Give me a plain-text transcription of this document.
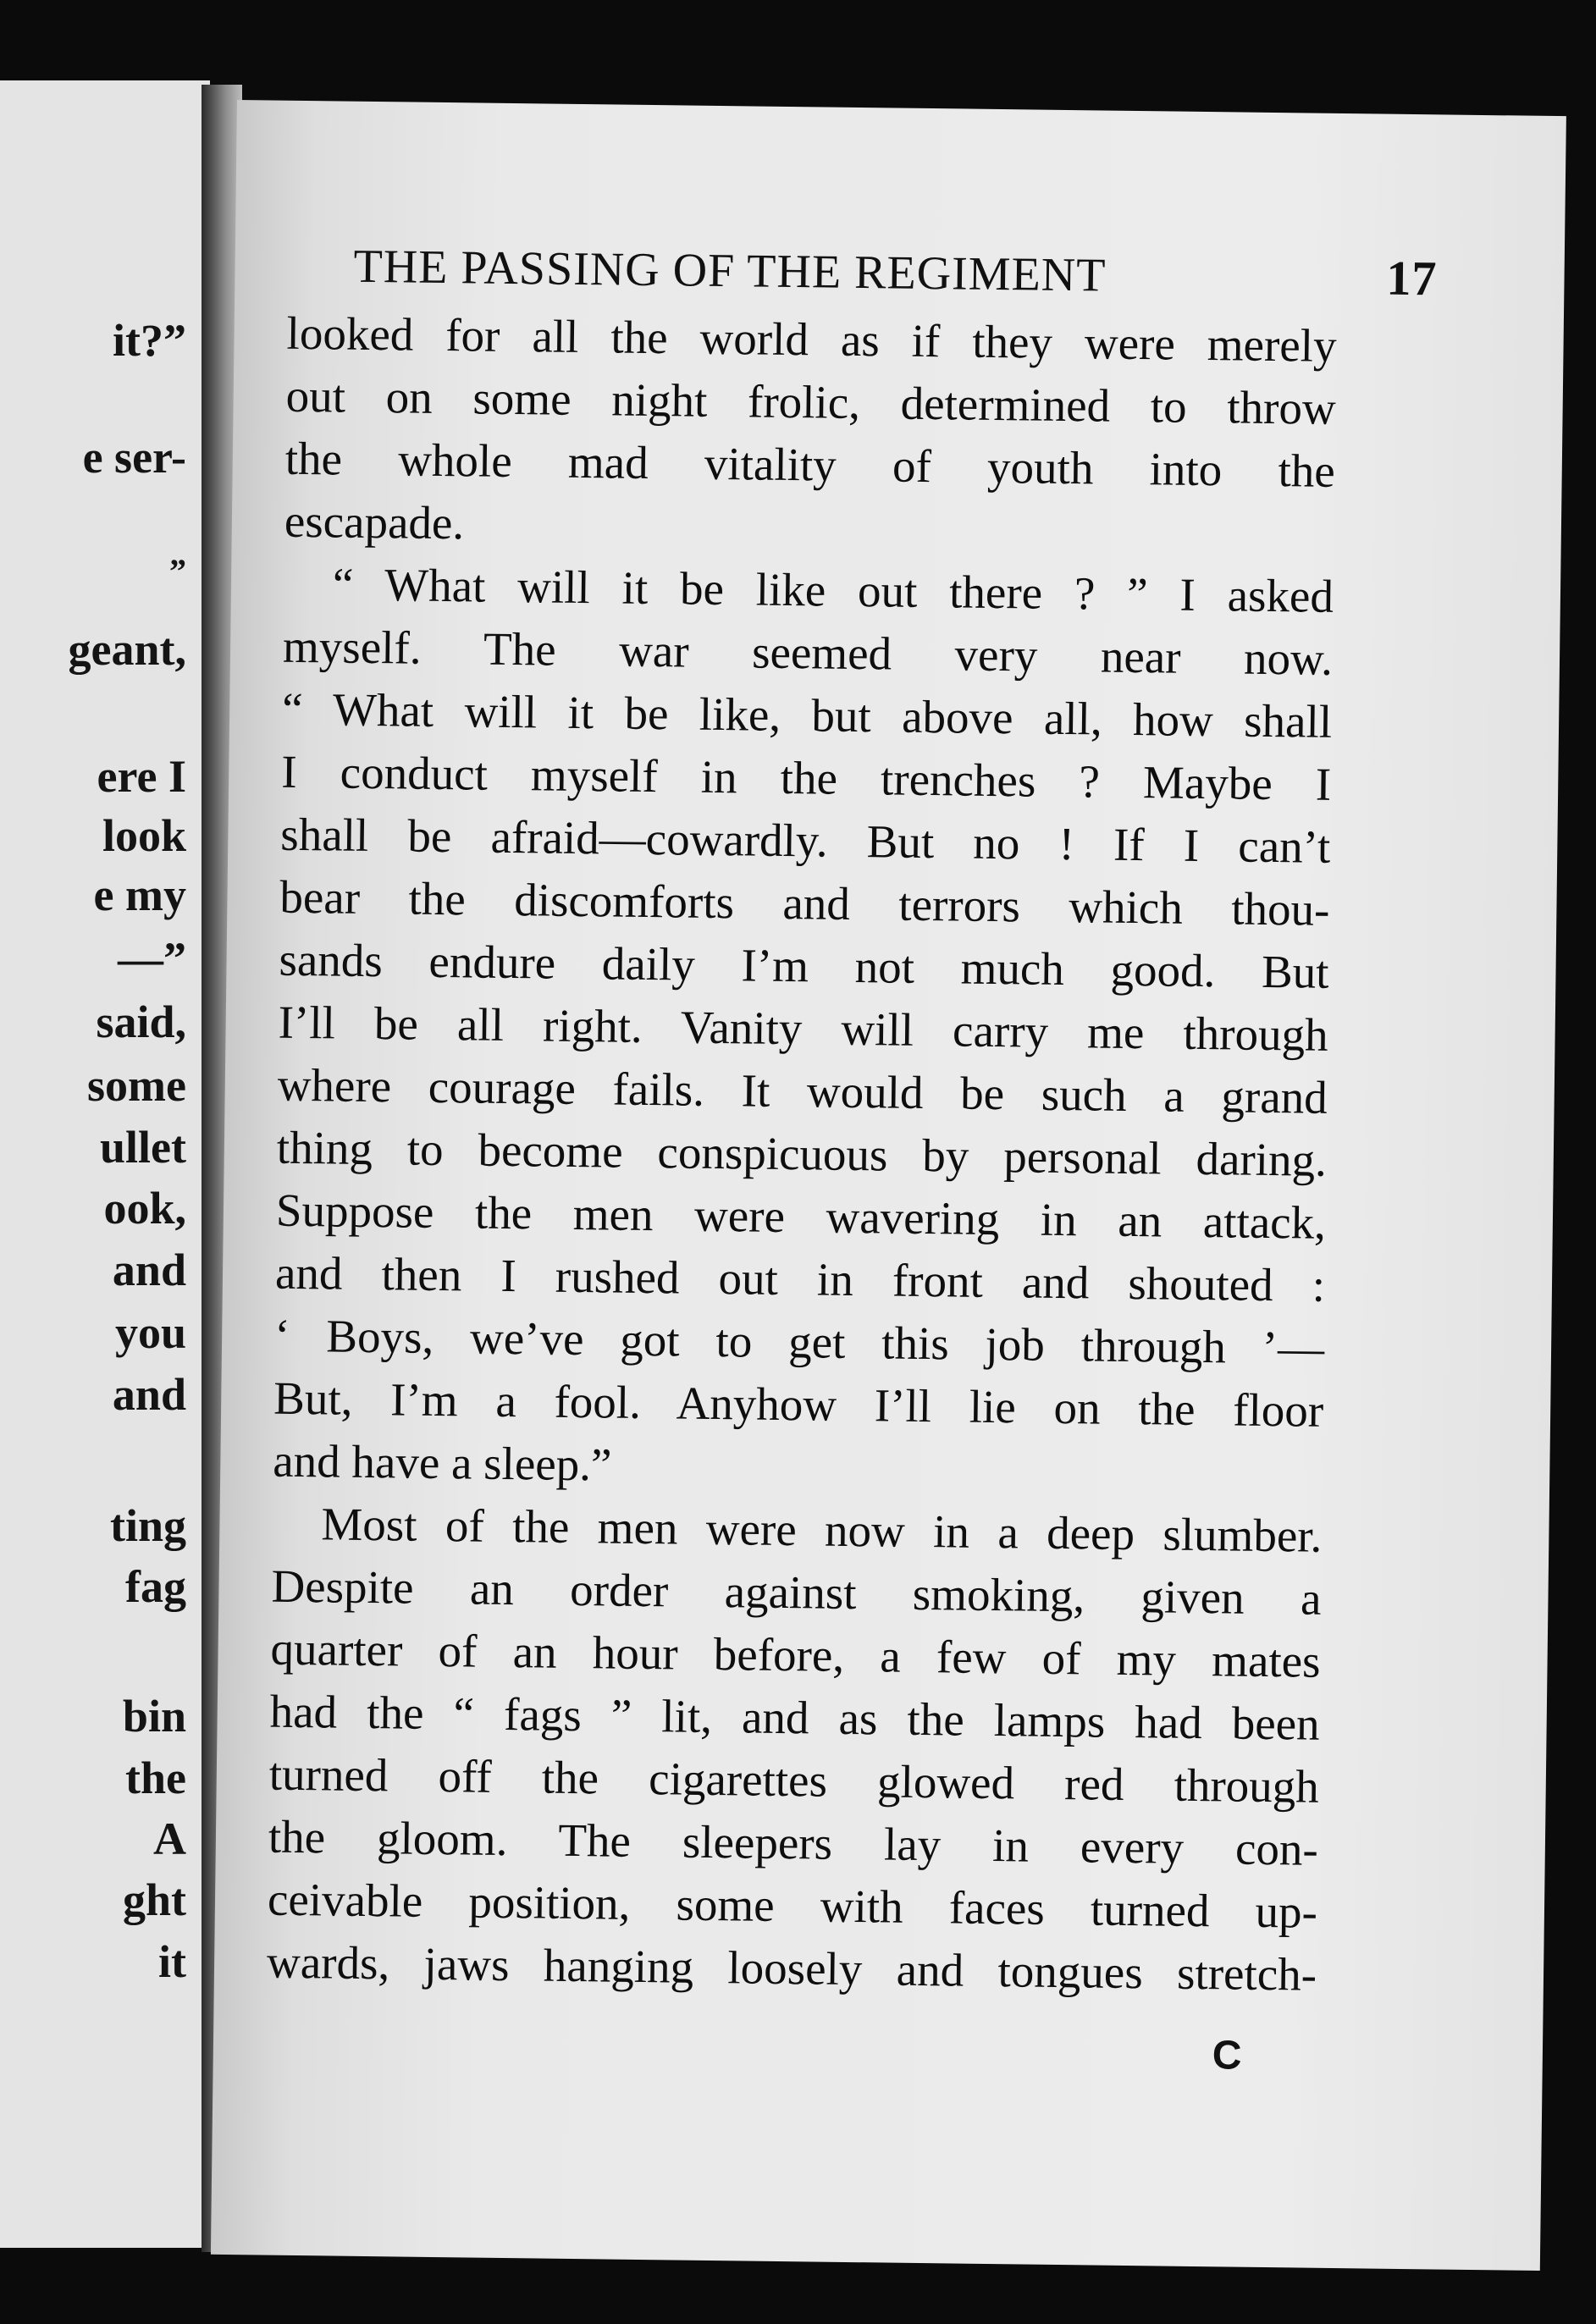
it?”
e ser-
”
geant,
ere I
look
e my
—”
said,
some
ullet
ook,
and
you
and
ting
fag
bin
the
A
ght
it
THE PASSING OF THE REGIMENT	17
looked for all the world as if they were merely
out on some night frolic, determined to throw
the whole mad vitality of youth into the
escapade.
“ What will it be like out there ? ” I asked
myself. The war seemed very near now.
“ What will it be like, but above all, how shall
I conduct myself in the trenches ? Maybe I
shall be afraid—cowardly. But no ! If I can’t
bear the discomforts and terrors which thou-
sands endure daily I’m not much good. But
I’ll be all right. Vanity will carry me through
where courage fails. It would be such a grand
thing to become conspicuous by personal daring.
Suppose the men were wavering in an attack,
and then I rushed out in front and shouted :
‘ Boys, we’ve got to get this job through ’—
But, I’m a fool. Anyhow I’ll lie on the floor
and have a sleep.”
Most of the men were now in a deep slumber.
Despite an order against smoking, given a
quarter of an hour before, a few of my mates
had the “ fags ” lit, and as the lamps had been
turned off the cigarettes glowed red through
the gloom. The sleepers lay in every con-
ceivable position, some with faces turned up-
wards, jaws hanging loosely and tongues stretch-
C
